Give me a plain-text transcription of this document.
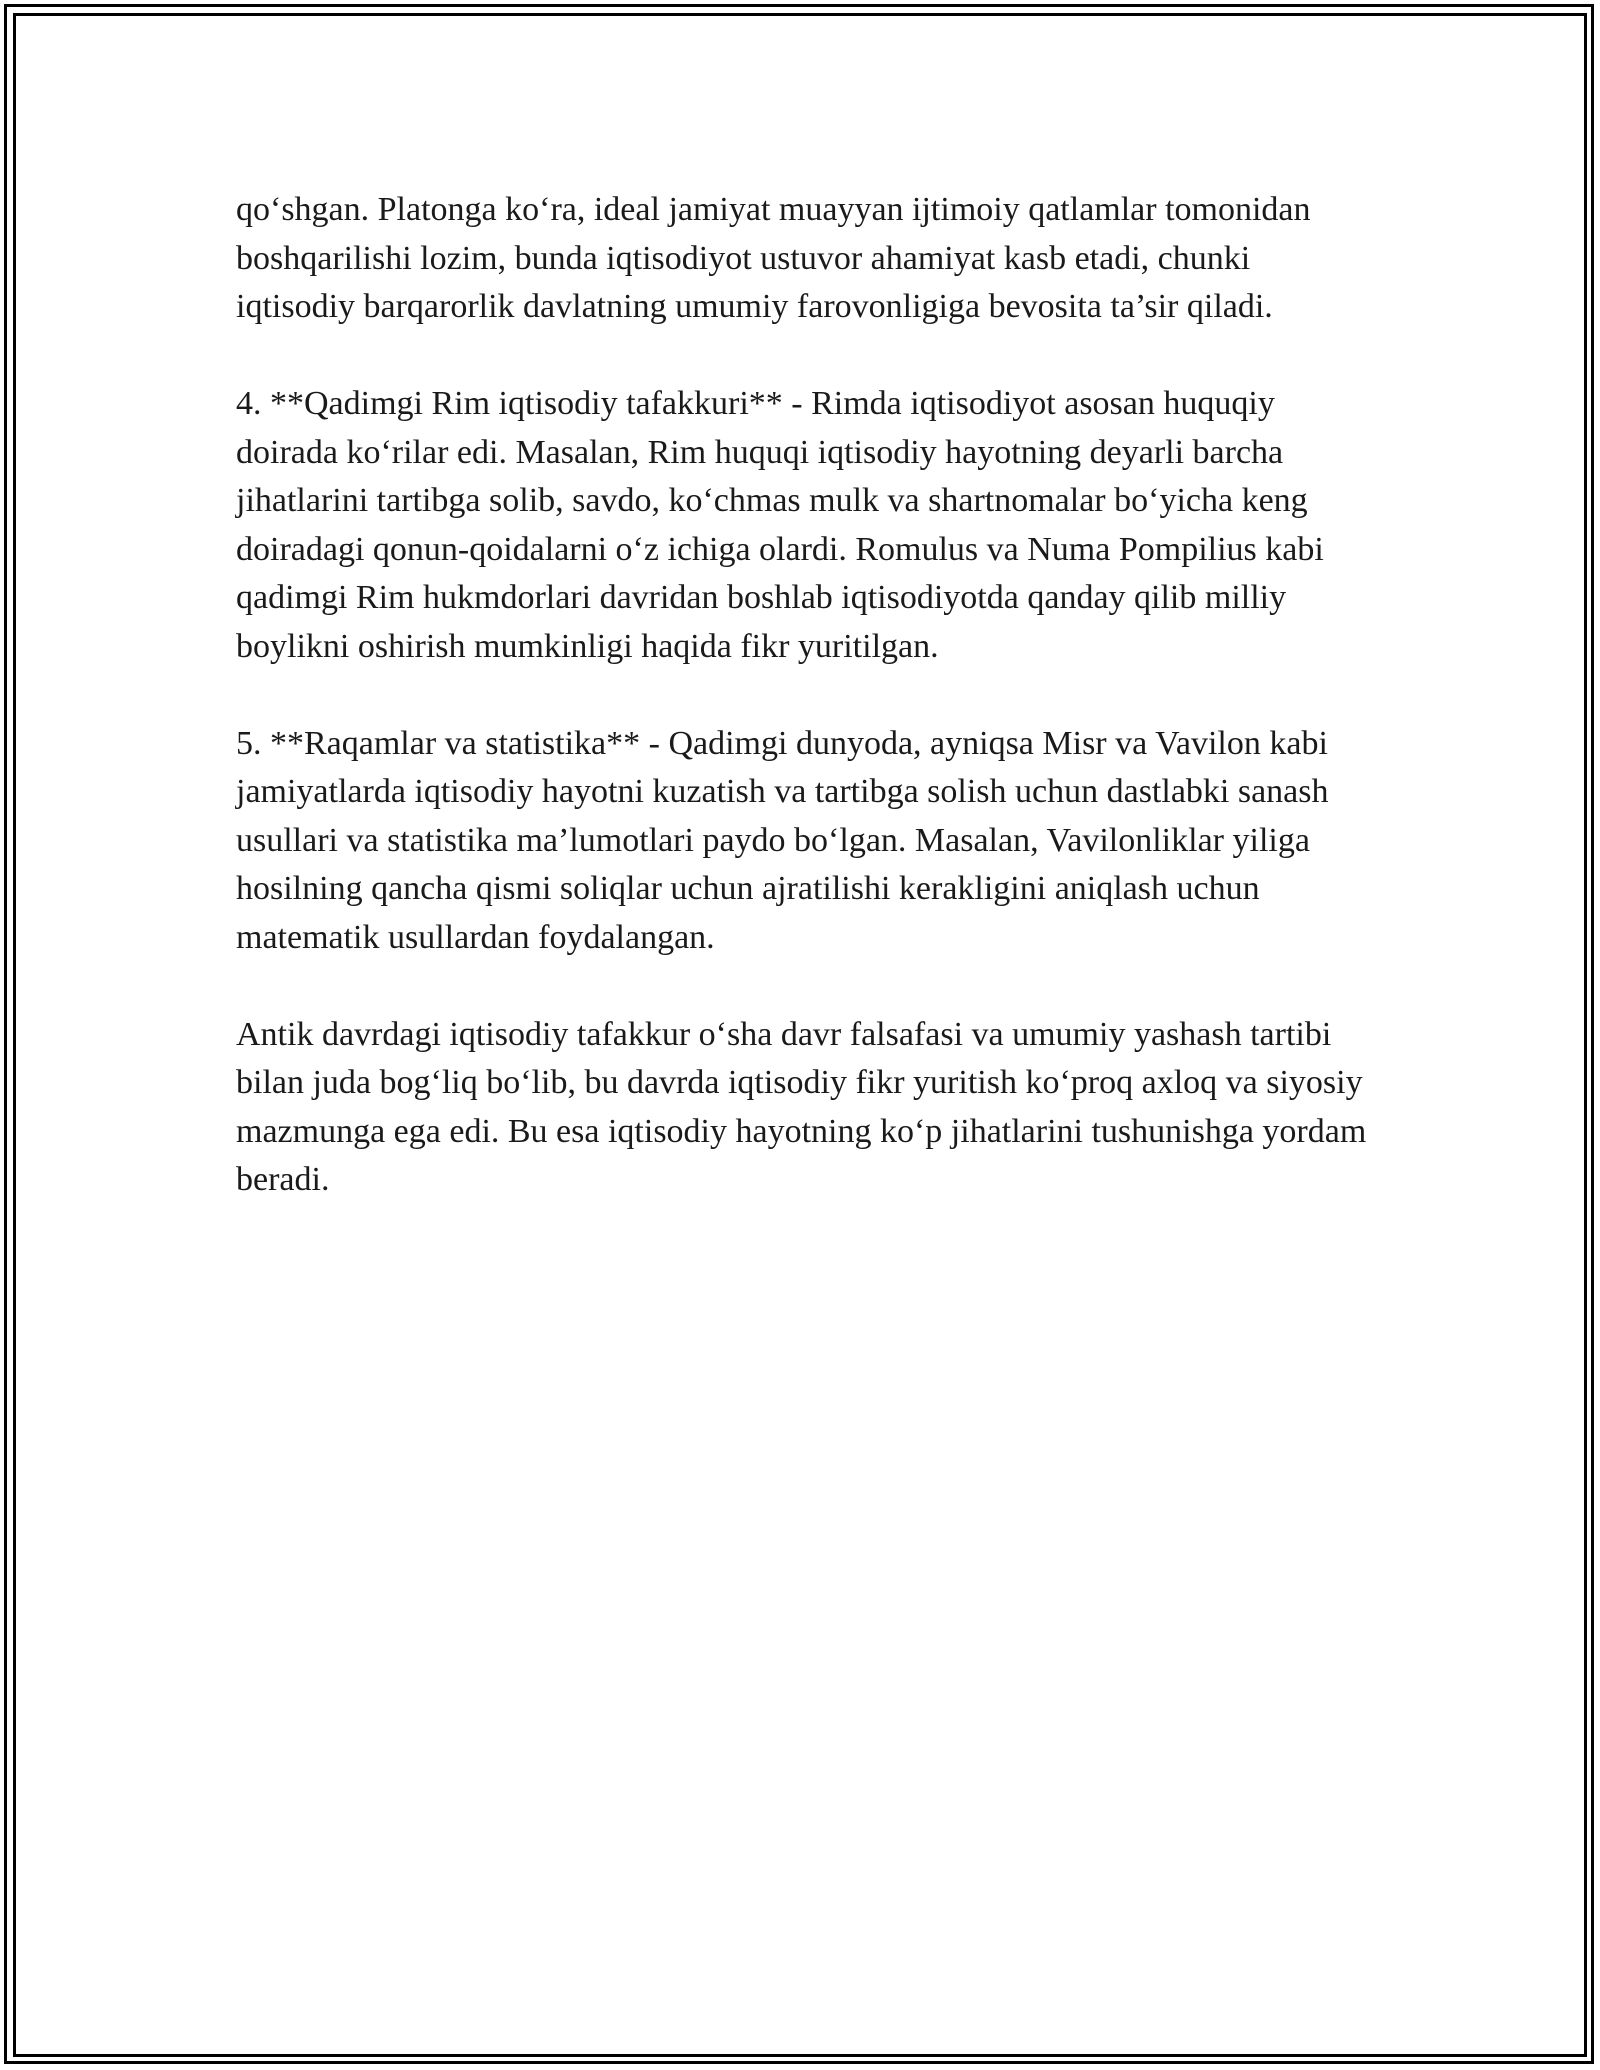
qo‘shgan. Platonga ko‘ra, ideal jamiyat muayyan ijtimoiy qatlamlar tomonidan boshqarilishi lozim, bunda iqtisodiyot ustuvor ahamiyat kasb etadi, chunki iqtisodiy barqarorlik davlatning umumiy farovonligiga bevosita ta’sir qiladi.

4. **Qadimgi Rim iqtisodiy tafakkuri** - Rimda iqtisodiyot asosan huquqiy doirada ko‘rilar edi. Masalan, Rim huquqi iqtisodiy hayotning deyarli barcha jihatlarini tartibga solib, savdo, ko‘chmas mulk va shartnomalar bo‘yicha keng doiradagi qonun-qoidalarni o‘z ichiga olardi. Romulus va Numa Pompilius kabi qadimgi Rim hukmdorlari davridan boshlab iqtisodiyotda qanday qilib milliy boylikni oshirish mumkinligi haqida fikr yuritilgan.

5. **Raqamlar va statistika** - Qadimgi dunyoda, ayniqsa Misr va Vavilon kabi jamiyatlarda iqtisodiy hayotni kuzatish va tartibga solish uchun dastlabki sanash usullari va statistika ma’lumotlari paydo bo‘lgan. Masalan, Vavilonliklar yiliga hosilning qancha qismi soliqlar uchun ajratilishi kerakligini aniqlash uchun matematik usullardan foydalangan.

Antik davrdagi iqtisodiy tafakkur o‘sha davr falsafasi va umumiy yashash tartibi bilan juda bog‘liq bo‘lib, bu davrda iqtisodiy fikr yuritish ko‘proq axloq va siyosiy mazmunga ega edi. Bu esa iqtisodiy hayotning ko‘p jihatlarini tushunishga yordam beradi.
